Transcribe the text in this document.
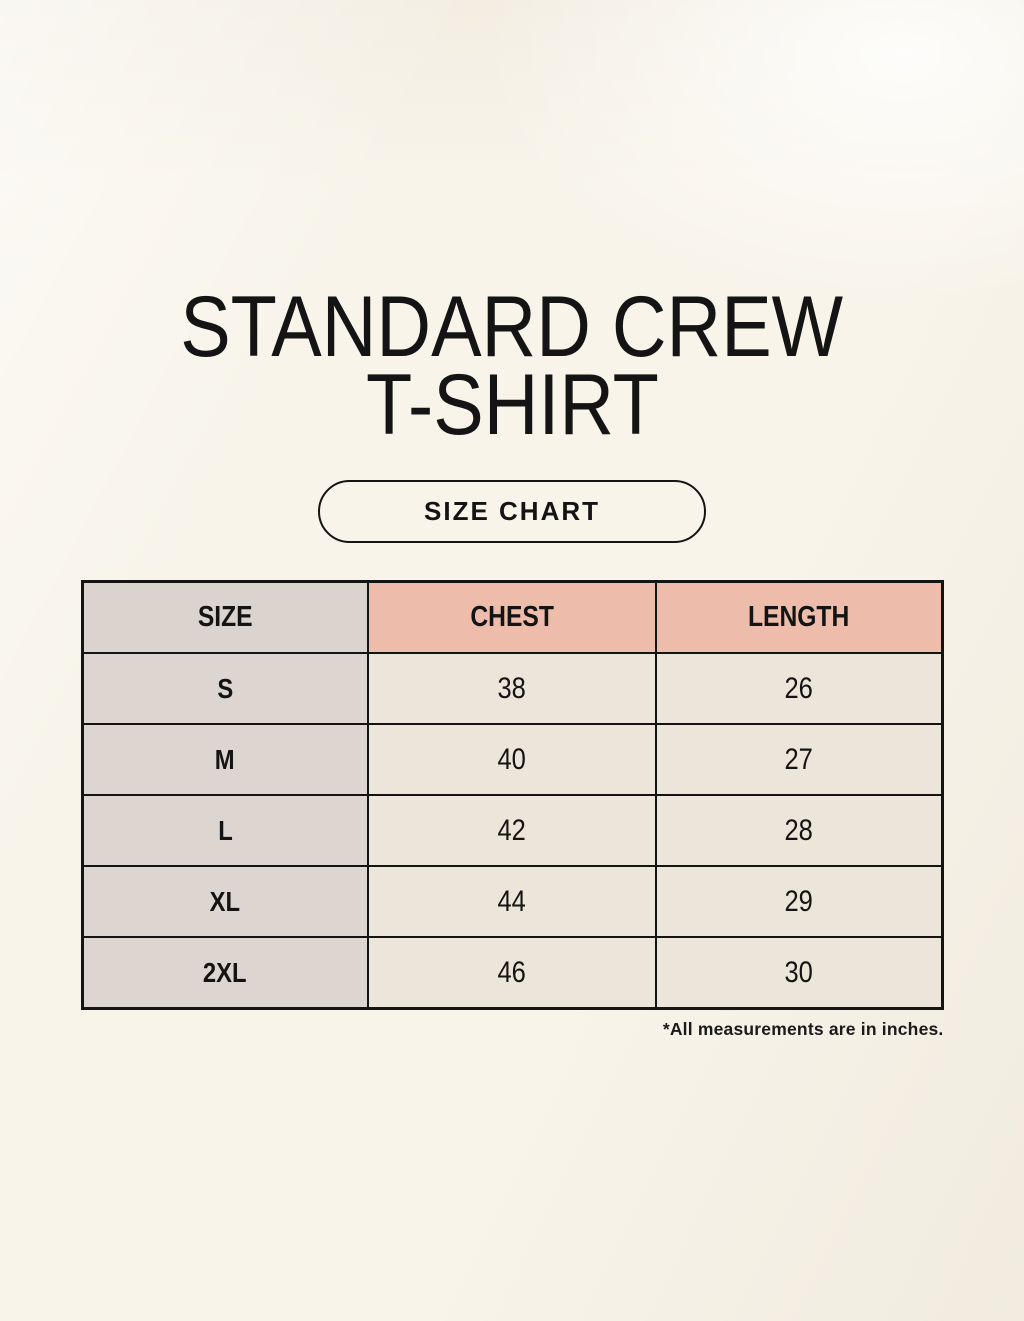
STANDARD CREW
T-SHIRT
SIZE CHART
SIZE	CHEST	LENGTH
S	38	26
M	40	27
L	42	28
XL	44	29
2XL	46	30
*All measurements are in inches.
